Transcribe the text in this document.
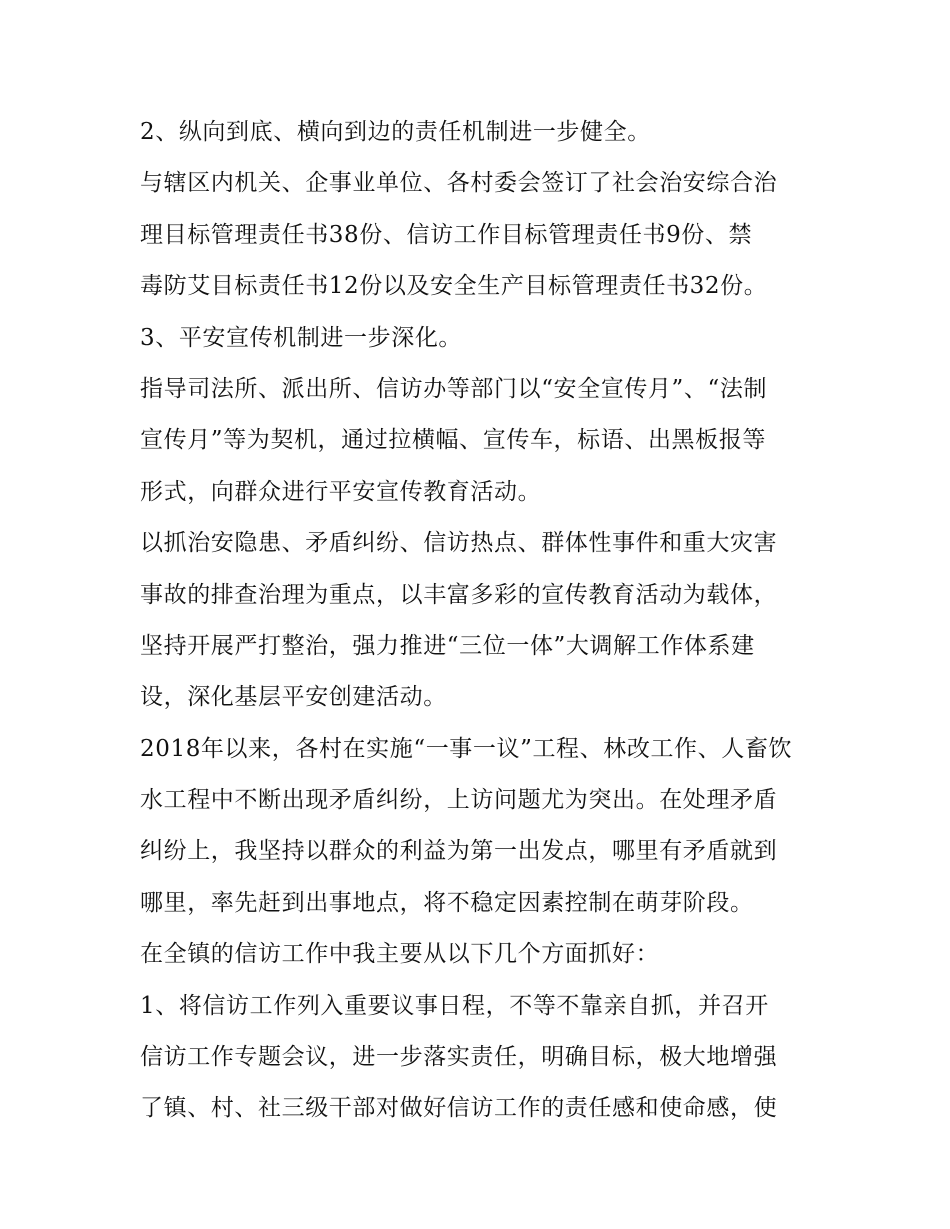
2、纵向到底、横向到边的责任机制进一步健全。
与辖区内机关、企事业单位、各村委会签订了社会治安综合治
理目标管理责任书38份、信访工作目标管理责任书9份、禁
毒防艾目标责任书12份以及安全生产目标管理责任书32份。
3、平安宣传机制进一步深化。
指导司法所、派出所、信访办等部门以“安全宣传月”、“法制
宣传月”等为契机，通过拉横幅、宣传车，标语、出黑板报等
形式，向群众进行平安宣传教育活动。
以抓治安隐患、矛盾纠纷、信访热点、群体性事件和重大灾害
事故的排查治理为重点，以丰富多彩的宣传教育活动为载体，
坚持开展严打整治，强力推进“三位一体”大调解工作体系建
设，深化基层平安创建活动。
2018年以来，各村在实施“一事一议”工程、林改工作、人畜饮
水工程中不断出现矛盾纠纷，上访问题尤为突出。在处理矛盾
纠纷上，我坚持以群众的利益为第一出发点，哪里有矛盾就到
哪里，率先赶到出事地点，将不稳定因素控制在萌芽阶段。
在全镇的信访工作中我主要从以下几个方面抓好：
1、将信访工作列入重要议事日程，不等不靠亲自抓，并召开
信访工作专题会议，进一步落实责任，明确目标，极大地增强
了镇、村、社三级干部对做好信访工作的责任感和使命感，使
